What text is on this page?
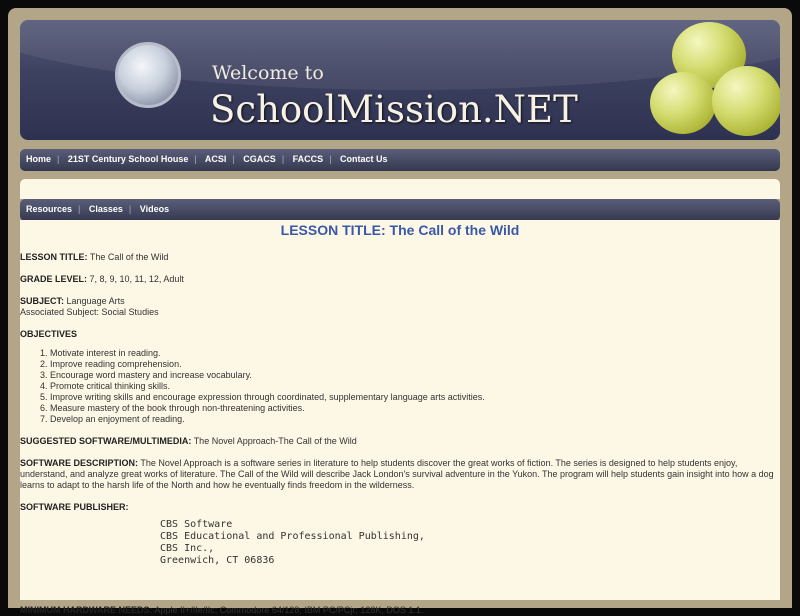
Welcome to
SchoolMission.NET
Home | 21ST Century School House | ACSI | CGACS | FACCS | Contact Us
Resources | Classes | Videos
LESSON TITLE: The Call of the Wild

LESSON TITLE: The Call of the Wild

GRADE LEVEL: 7, 8, 9, 10, 11, 12, Adult

SUBJECT: Language Arts
Associated Subject: Social Studies

OBJECTIVES

1. Motivate interest in reading.
2. Improve reading comprehension.
3. Encourage word mastery and increase vocabulary.
4. Promote critical thinking skills.
5. Improve writing skills and encourage expression through coordinated, supplementary language arts activities.
6. Measure mastery of the book through non-threatening activities.
7. Develop an enjoyment of reading.

SUGGESTED SOFTWARE/MULTIMEDIA: The Novel Approach-The Call of the Wild

SOFTWARE DESCRIPTION: The Novel Approach is a software series in literature to help students discover the great works of fiction. The series is designed to help students enjoy, understand, and analyze great works of literature. The Call of the Wild will describe Jack London's survival adventure in the Yukon. The program will help students gain insight into how a dog learns to adapt to the harsh life of the North and how he eventually finds freedom in the wilderness.

SOFTWARE PUBLISHER:

CBS Software
CBS Educational and Professional Publishing,
CBS Inc.,
Greenwich, CT 06836

MINIMUM HARDWARE NEEDS: Apple II+/IIe/IIc; Commodore 64/128; IBM PC/PCjr; 128K, DOS 1.1.
